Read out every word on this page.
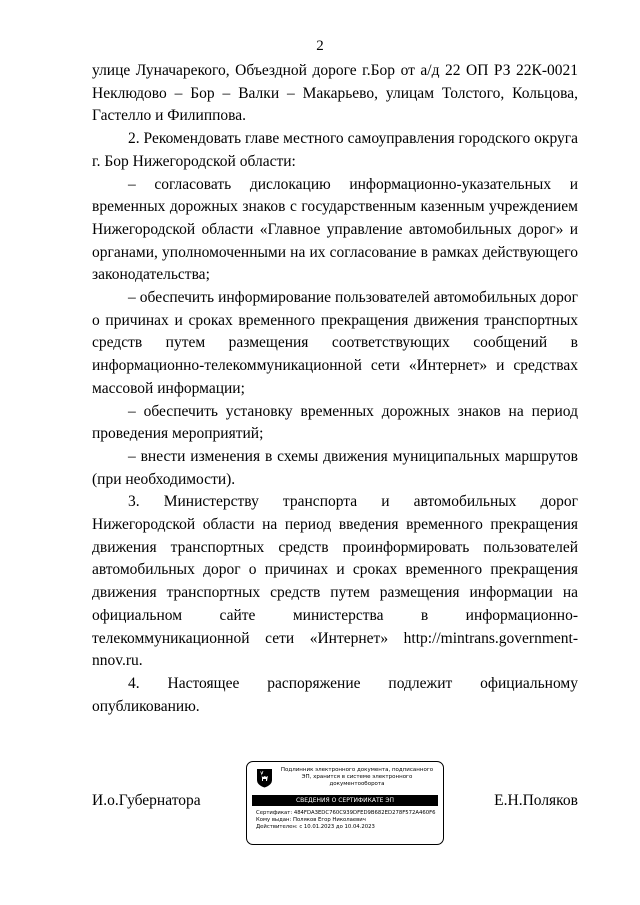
2

улице Луначарекого, Объездной дороге г.Бор от а/д 22 ОП РЗ 22К-0021 Неклюдово – Бор – Валки – Макарьево, улицам Толстого, Кольцова, Гастелло и Филиппова.

2. Рекомендовать главе местного самоуправления городского округа г. Бор Нижегородской области:

– согласовать дислокацию информационно-указательных и временных дорожных знаков с государственным казенным учреждением Нижегородской области «Главное управление автомобильных дорог» и органами, уполномоченными на их согласование в рамках действующего законодательства;

– обеспечить информирование пользователей автомобильных дорог о причинах и сроках временного прекращения движения транспортных средств путем размещения соответствующих сообщений в информационно-телекоммуникационной сети «Интернет» и средствах массовой информации;

– обеспечить установку временных дорожных знаков на период проведения мероприятий;

– внести изменения в схемы движения муниципальных маршрутов (при необходимости).

3. Министерству транспорта и автомобильных дорог Нижегородской области на период введения временного прекращения движения транспортных средств проинформировать пользователей автомобильных дорог о причинах и сроках временного прекращения движения транспортных средств путем размещения информации на официальном сайте министерства в информационно-телекоммуникационной сети «Интернет» http://mintrans.government-nnov.ru.

4. Настоящее распоряжение подлежит официальному опубликованию.

И.о.Губернатора	Е.Н.Поляков
Подлинник электронного документа, подписанного ЭП, хранится в системе электронного документооборота
СВЕДЕНИЯ О СЕРТИФИКАТЕ ЭП
Сертификат: 484FDA3EDC760C939DFED9B682ED278F572A460F6
Кому выдан: Поляков Егор Николаевич
Действителен: с 10.01.2023 до 10.04.2023
